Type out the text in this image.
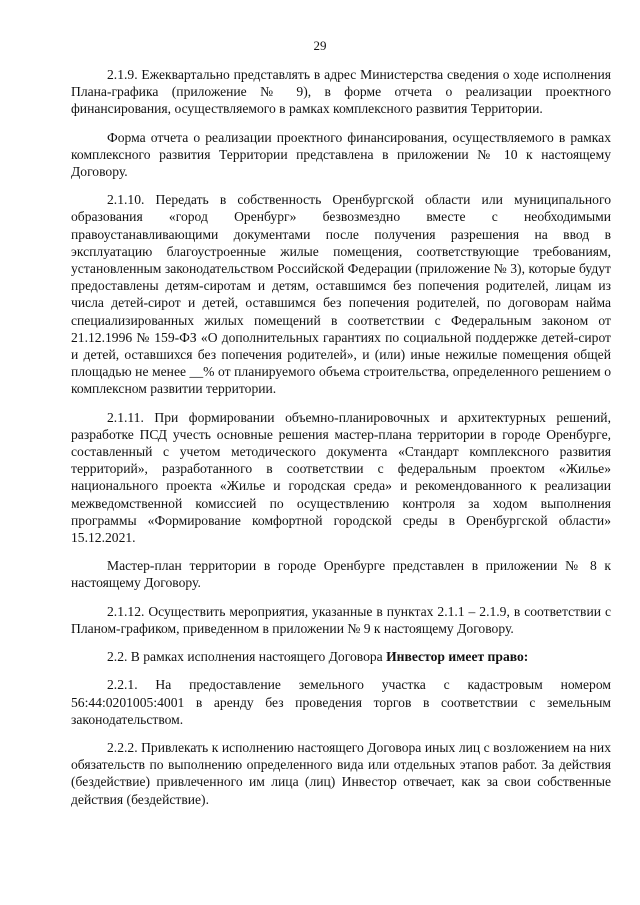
29

2.1.9. Ежеквартально представлять в адрес Министерства сведения о ходе исполнения Плана-графика (приложение № 9), в форме отчета о реализации проектного финансирования, осуществляемого в рамках комплексного развития Территории.

Форма отчета о реализации проектного финансирования, осуществляемого в рамках комплексного развития Территории представлена в приложении № 10 к настоящему Договору.

2.1.10. Передать в собственность Оренбургской области или муниципального образования «город Оренбург» безвозмездно вместе с необходимыми правоустанавливающими документами после получения разрешения на ввод в эксплуатацию благоустроенные жилые помещения, соответствующие требованиям, установленным законодательством Российской Федерации (приложение № 3), которые будут предоставлены детям-сиротам и детям, оставшимся без попечения родителей, лицам из числа детей-сирот и детей, оставшимся без попечения родителей, по договорам найма специализированных жилых помещений в соответствии с Федеральным законом от 21.12.1996 № 159-ФЗ «О дополнительных гарантиях по социальной поддержке детей-сирот и детей, оставшихся без попечения родителей», и (или) иные нежилые помещения общей площадью не менее __% от планируемого объема строительства, определенного решением о комплексном развитии территории.

2.1.11. При формировании объемно-планировочных и архитектурных решений, разработке ПСД учесть основные решения мастер-плана территории в городе Оренбурге, составленный с учетом методического документа «Стандарт комплексного развития территорий», разработанного в соответствии с федеральным проектом «Жилье» национального проекта «Жилье и городская среда» и рекомендованного к реализации межведомственной комиссией по осуществлению контроля за ходом выполнения программы «Формирование комфортной городской среды в Оренбургской области» 15.12.2021.

Мастер-план территории в городе Оренбурге представлен в приложении № 8 к настоящему Договору.

2.1.12. Осуществить мероприятия, указанные в пунктах 2.1.1 – 2.1.9, в соответствии с Планом-графиком, приведенном в приложении № 9 к настоящему Договору.

2.2. В рамках исполнения настоящего Договора Инвестор имеет право:

2.2.1. На предоставление земельного участка с кадастровым номером 56:44:0201005:4001 в аренду без проведения торгов в соответствии с земельным законодательством.

2.2.2. Привлекать к исполнению настоящего Договора иных лиц с возложением на них обязательств по выполнению определенного вида или отдельных этапов работ. За действия (бездействие) привлеченного им лица (лиц) Инвестор отвечает, как за свои собственные действия (бездействие).
